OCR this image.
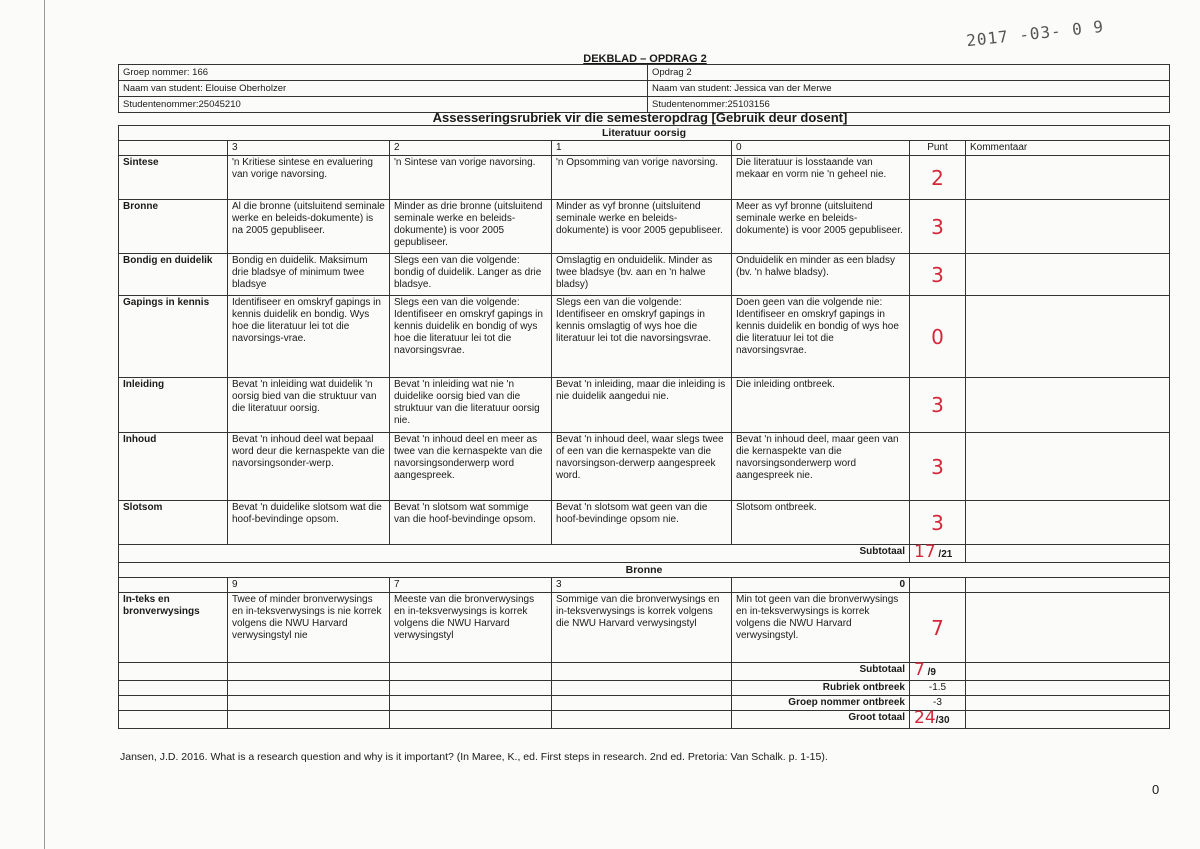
2017 -03- 0 9
DEKBLAD – OPDRAG 2
Groep nommer: 166	Opdrag 2
Naam van student: Elouise Oberholzer	Naam van student: Jessica van der Merwe
Studentenommer:25045210	Studentenommer:25103156
Assesseringsrubriek vir die semesteropdrag [Gebruik deur dosent]
Literatuur oorsig						
	3	2	1	0	Punt	Kommentaar
Sintese	'n Kritiese sintese en evaluering van vorige navorsing.	'n Sintese van vorige navorsing.	'n Opsomming van vorige navorsing.	Die literatuur is losstaande van mekaar en vorm nie 'n geheel nie.	2	
Bronne	Al die bronne (uitsluitend seminale werke en beleids-dokumente) is na 2005 gepubliseer.	Minder as drie bronne (uitsluitend seminale werke en beleids-dokumente) is voor 2005 gepubliseer.	Minder as vyf bronne (uitsluitend seminale werke en beleids-dokumente) is voor 2005 gepubliseer.	Meer as vyf bronne (uitsluitend seminale werke en beleids-dokumente) is voor 2005 gepubliseer.	3	
Bondig en duidelik	Bondig en duidelik. Maksimum drie bladsye of minimum twee bladsye	Slegs een van die volgende: bondig of duidelik. Langer as drie bladsye.	Omslagtig en onduidelik. Minder as twee bladsye (bv. aan en 'n halwe bladsy)	Onduidelik en minder as een bladsy (bv. 'n halwe bladsy).	3	
Gapings in kennis	Identifiseer en omskryf gapings in kennis duidelik en bondig. Wys hoe die literatuur lei tot die navorsings-vrae.	Slegs een van die volgende: Identifiseer en omskryf gapings in kennis duidelik en bondig of wys hoe die literatuur lei tot die navorsingsvrae.	Slegs een van die volgende: Identifiseer en omskryf gapings in kennis omslagtig of wys hoe die literatuur lei tot die navorsingsvrae.	Doen geen van die volgende nie: Identifiseer en omskryf gapings in kennis duidelik en bondig of wys hoe die literatuur lei tot die navorsingsvrae.	0	
Inleiding	Bevat 'n inleiding wat duidelik 'n oorsig bied van die struktuur van die literatuur oorsig.	Bevat 'n inleiding wat nie 'n duidelike oorsig bied van die struktuur van die literatuur oorsig nie.	Bevat 'n inleiding, maar die inleiding is nie duidelik aangedui nie.	Die inleiding ontbreek.	3	
Inhoud	Bevat 'n inhoud deel wat bepaal word deur die kernaspekte van die navorsingsonder-werp.	Bevat 'n inhoud deel en meer as twee van die kernaspekte van die navorsingsonderwerp word aangespreek.	Bevat 'n inhoud deel, waar slegs twee of een van die kernaspekte van die navorsingson-derwerp aangespreek word.	Bevat 'n inhoud deel, maar geen van die kernaspekte van die navorsingsonderwerp word aangespreek nie.	3	
Slotsom	Bevat 'n duidelike slotsom wat die hoof-bevindinge opsom.	Bevat 'n slotsom wat sommige van die hoof-bevindinge opsom.	Bevat 'n slotsom wat geen van die hoof-bevindinge opsom nie.	Slotsom ontbreek.	3	
Subtotaal					17 /21	
Bronne						
	9	7	3	0		
In-teks en bronverwysings	Twee of minder bronverwysings en in-teksverwysings is nie korrek volgens die NWU Harvard verwysingstyl nie	Meeste van die bronverwysings en in-teksverwysings is korrek volgens die NWU Harvard verwysingstyl	Sommige van die bronverwysings en in-teksverwysings is korrek volgens die NWU Harvard verwysingstyl	Min tot geen van die bronverwysings en in-teksverwysings is korrek volgens die NWU Harvard verwysingstyl.	7	
				Subtotaal	7 /9	
				Rubriek ontbreek	-1.5	
				Groep nommer ontbreek	-3	
				Groot totaal	24/30	
Jansen, J.D. 2016. What is a research question and why is it important? (In Maree, K., ed. First steps in research. 2nd ed. Pretoria: Van Schalk. p. 1-15).
0
